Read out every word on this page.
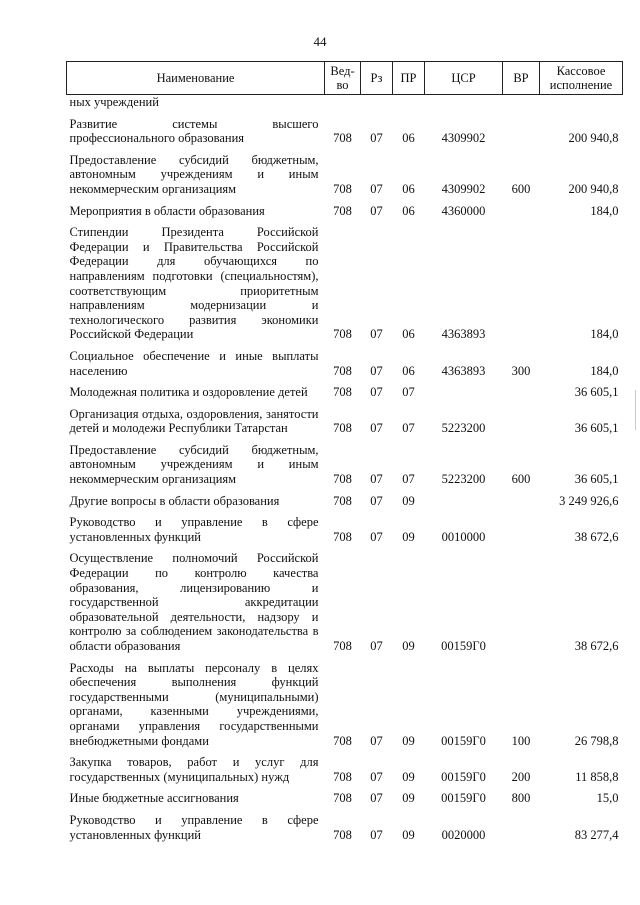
44
Наименование	Вед-во	Рз	ПР	ЦСР	ВР	Кассовое исполнение
ных учреждений						
Развитие системы высшего профессионального образования	708	07	06	4309902		200 940,8
Предоставление субсидий бюджетным, автономным учреждениям и иным некоммерческим организациям	708	07	06	4309902	600	200 940,8
Мероприятия в области образования	708	07	06	4360000		184,0
Стипендии Президента Российской Федерации и Правительства Российской Федерации для обучающихся по направлениям подготовки (специальностям), соответствующим приоритетным направлениям модернизации и технологического развития экономики Российской Федерации	708	07	06	4363893		184,0
Социальное обеспечение и иные выплаты населению	708	07	06	4363893	300	184,0
Молодежная политика и оздоровление детей	708	07	07			36 605,1
Организация отдыха, оздоровления, занятости детей и молодежи Республики Татарстан	708	07	07	5223200		36 605,1
Предоставление субсидий бюджетным, автономным учреждениям и иным некоммерческим организациям	708	07	07	5223200	600	36 605,1
Другие вопросы в области образования	708	07	09			3 249 926,6
Руководство и управление в сфере установленных функций	708	07	09	0010000		38 672,6
Осуществление полномочий Российской Федерации по контролю качества образования, лицензированию и государственной аккредитации образовательной деятельности, надзору и контролю за соблюдением законодательства в области образования	708	07	09	00159Г0		38 672,6
Расходы на выплаты персоналу в целях обеспечения выполнения функций государственными (муниципальными) органами, казенными учреждениями, органами управления государственными внебюджетными фондами	708	07	09	00159Г0	100	26 798,8
Закупка товаров, работ и услуг для государственных (муниципальных) нужд	708	07	09	00159Г0	200	11 858,8
Иные бюджетные ассигнования	708	07	09	00159Г0	800	15,0
Руководство и управление в сфере установленных функций	708	07	09	0020000		83 277,4
